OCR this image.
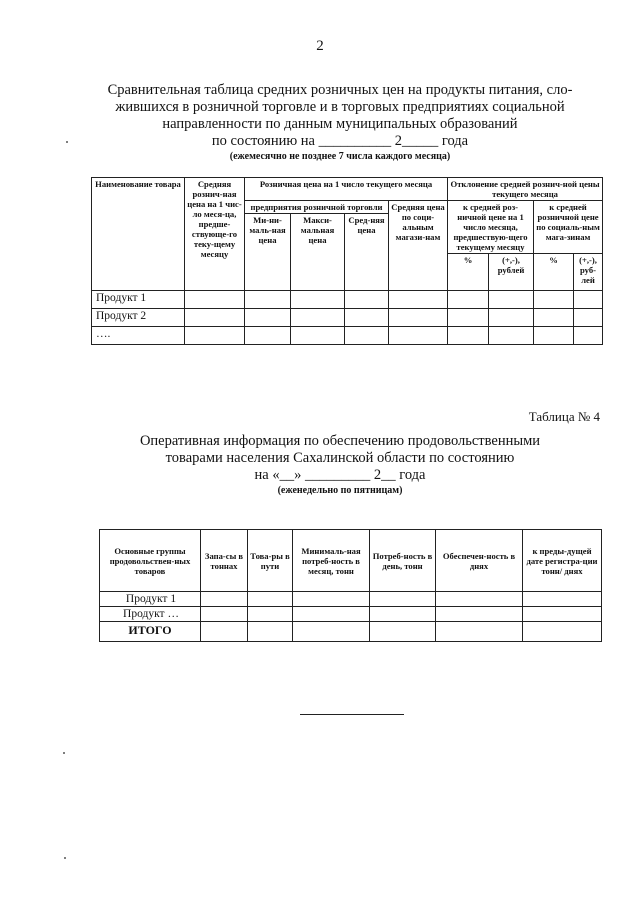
2
Сравнительная таблица средних розничных цен на продукты питания, сло-
жившихся в розничной торговле и в торговых предприятиях социальной
направленности по данным муниципальных образований
по состоянию на __________ 2_____ года
(ежемесячно не позднее 7 числа каждого месяца)
Наименование товара	Средняя рознич-ная цена на 1 чис-ло меся-ца, предше-ствующе-го теку-щему месяцу	Розничная цена на 1 число текущего месяца				Отклонение средней рознич-ной цены текущего месяца			
		предприятия розничной торговли			Средняя цена по соци-альным магази-нам	к средней роз-ничной цене на 1 число месяца, предшествую-щего текущему месяцу		к средней розничной цене по социаль-ным мага-зинам	
		Ми-ни-маль-ная цена	Макси-мальная цена	Сред-няя цена					
						%	(+,-), рублей	%	(+,-), руб-лей
Продукт 1									
Продукт 2									
….									
Таблица № 4
Оперативная информация по обеспечению продовольственными
товарами населения Сахалинской области по состоянию
на «__» _________ 2__ года
(еженедельно по пятницам)
Основные группы продовольствен-ных товаров	Запа-сы в тоннах	Това-ры в пути	Минималь-ная потреб-ность в месяц, тонн	Потреб-ность в день, тонн	Обеспечен-ность в днях	к преды-дущей дате регистра-ции тонн/ днях
Продукт 1						
Продукт …						
ИТОГО						
